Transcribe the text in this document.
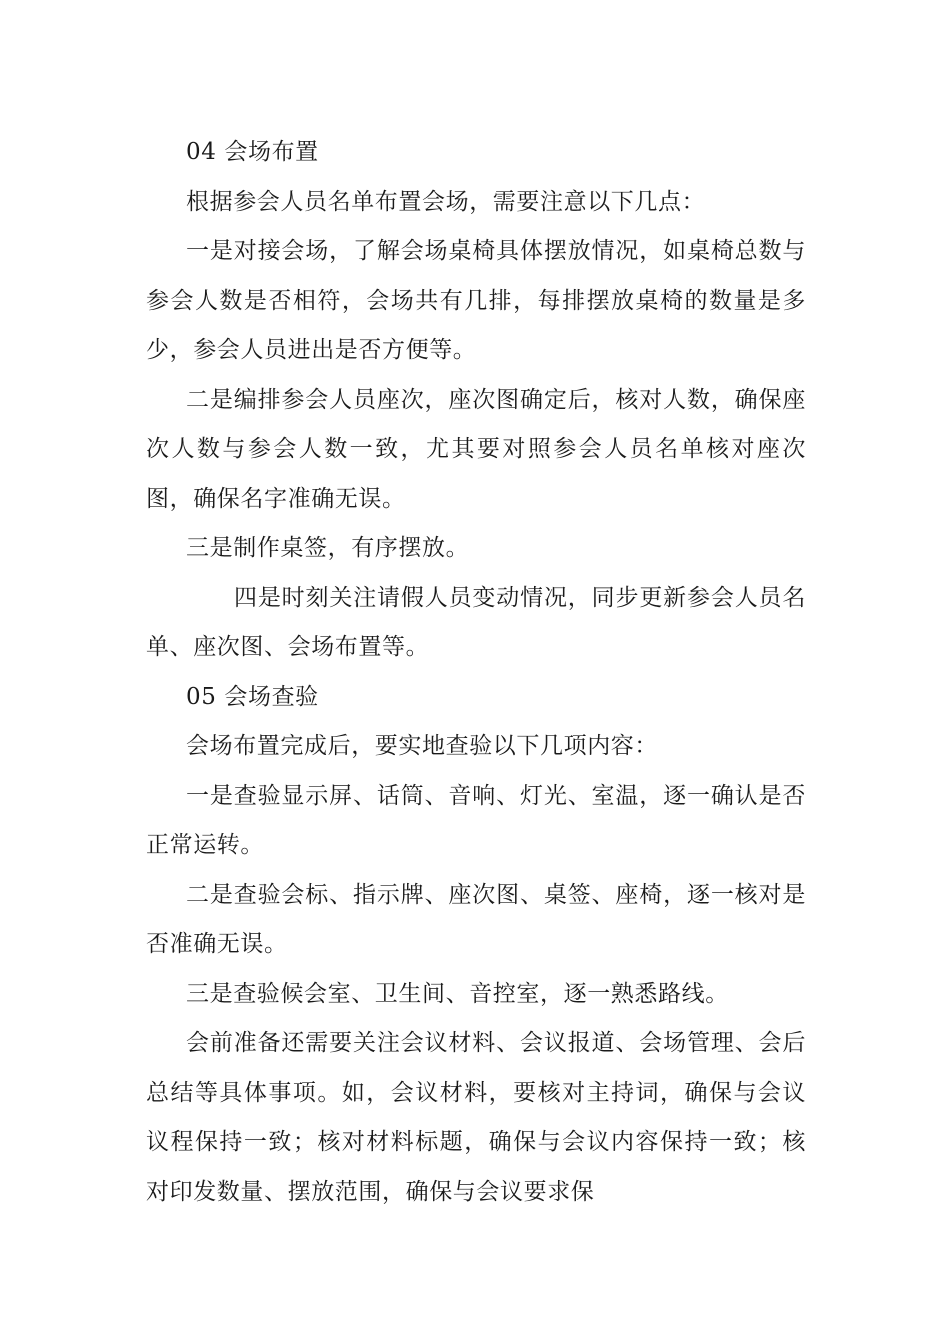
04 会场布置

根据参会人员名单布置会场，需要注意以下几点：

一是对接会场，了解会场桌椅具体摆放情况，如桌椅总数与参会人数是否相符，会场共有几排，每排摆放桌椅的数量是多少，参会人员进出是否方便等。

二是编排参会人员座次，座次图确定后，核对人数，确保座次人数与参会人数一致，尤其要对照参会人员名单核对座次图，确保名字准确无误。

三是制作桌签，有序摆放。

四是时刻关注请假人员变动情况，同步更新参会人员名单、座次图、会场布置等。

05 会场查验

会场布置完成后，要实地查验以下几项内容：

一是查验显示屏、话筒、音响、灯光、室温，逐一确认是否正常运转。

二是查验会标、指示牌、座次图、桌签、座椅，逐一核对是否准确无误。

三是查验候会室、卫生间、音控室，逐一熟悉路线。

会前准备还需要关注会议材料、会议报道、会场管理、会后总结等具体事项。如，会议材料，要核对主持词，确保与会议议程保持一致；核对材料标题，确保与会议内容保持一致；核对印发数量、摆放范围，确保与会议要求保
